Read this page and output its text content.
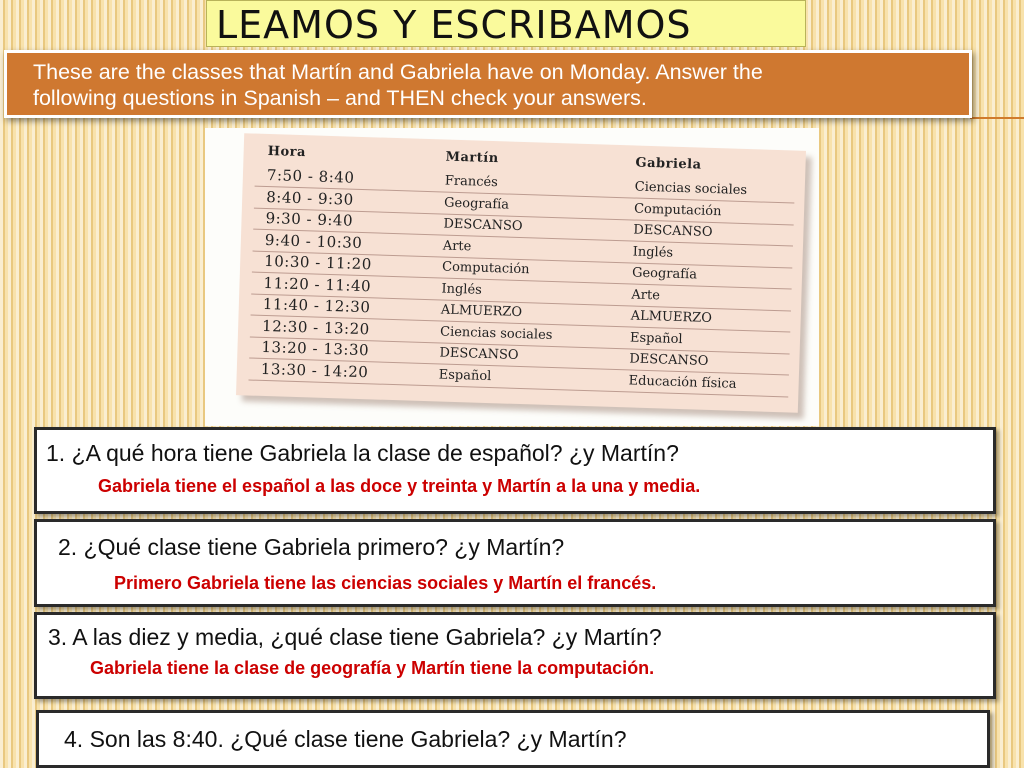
LEAMOS Y ESCRIBAMOS
These are the classes that Martín and Gabriela have on Monday. Answer the
following questions in Spanish – and THEN check your answers.
Hora	Martín	Gabriela
7:50 - 8:40	Francés	Ciencias sociales
8:40 - 9:30	Geografía	Computación
9:30 - 9:40	DESCANSO	DESCANSO
9:40 - 10:30	Arte	Inglés
10:30 - 11:20	Computación	Geografía
11:20 - 11:40	Inglés	Arte
11:40 - 12:30	ALMUERZO	ALMUERZO
12:30 - 13:20	Ciencias sociales	Español
13:20 - 13:30	DESCANSO	DESCANSO
13:30 - 14:20	Español	Educación física
1. ¿A qué hora tiene Gabriela la clase de español? ¿y Martín?
Gabriela tiene el español a las doce y treinta y Martín a la una y media.
2. ¿Qué clase tiene Gabriela primero? ¿y Martín?
Primero Gabriela tiene las ciencias sociales y Martín el francés.
3. A las diez y media, ¿qué clase tiene Gabriela? ¿y Martín?
Gabriela tiene la clase de geografía y Martín tiene la computación.
4. Son las 8:40. ¿Qué clase tiene Gabriela? ¿y Martín?
